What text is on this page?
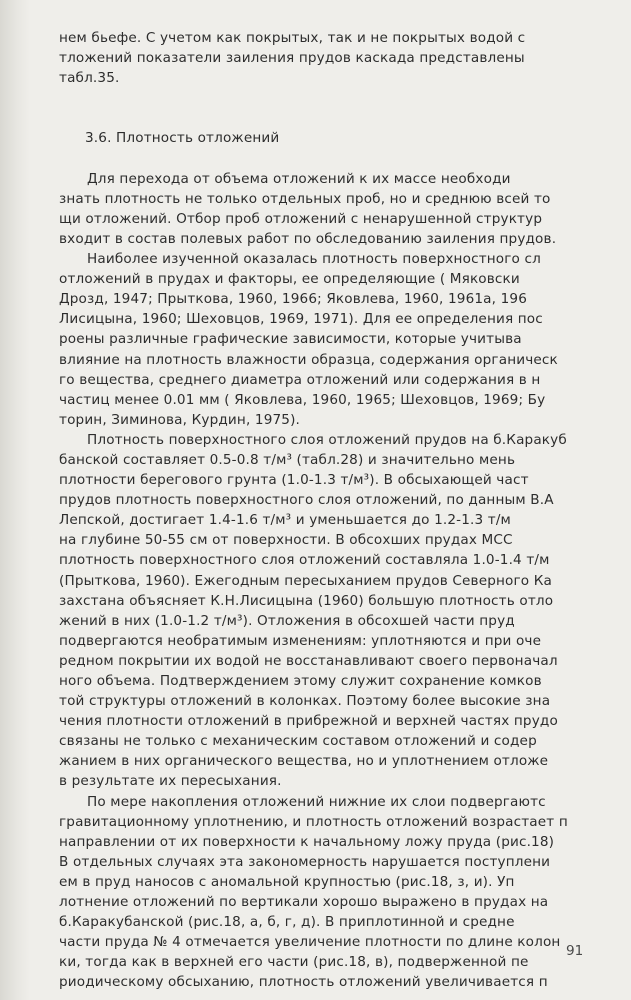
нем бьефе. С учетом как покрытых, так и не покрытых водой с
тложений показатели заиления прудов каскада представлены
табл.35.
3.6. Плотность отложений
Для перехода от объема отложений к их массе необходи
знать плотность не только отдельных проб, но и среднюю всей то
щи отложений. Отбор проб отложений с ненарушенной структур
входит в состав полевых работ по обследованию заиления прудов.
Наиболее изученной оказалась плотность поверхностного сл
отложений в прудах и факторы, ее определяющие ( Мяковски
Дрозд, 1947; Прыткова, 1960, 1966; Яковлева, 1960, 1961а, 196
Лисицына, 1960; Шеховцов, 1969, 1971). Для ее определения пос
роены различные графические зависимости, которые учитыва
влияние на плотность влажности образца, содержания органическ
го вещества, среднего диаметра отложений или содержания в н
частиц менее 0.01 мм ( Яковлева, 1960, 1965; Шеховцов, 1969; Бу
торин, Зиминова, Курдин, 1975).
Плотность поверхностного слоя отложений прудов на б.Каракуб
банской составляет 0.5-0.8 т/м³ (табл.28) и значительно мень
плотности берегового грунта (1.0-1.3 т/м³). В обсыхающей част
прудов плотность поверхностного слоя отложений, по данным В.А
Лепской, достигает 1.4-1.6 т/м³ и уменьшается до 1.2-1.3 т/м
на глубине 50-55 см от поверхности. В обсохших прудах МСС
плотность поверхностного слоя отложений составляла 1.0-1.4 т/м
(Прыткова, 1960). Ежегодным пересыханием прудов Северного Ка
захстана объясняет К.Н.Лисицына (1960) большую плотность отло
жений в них (1.0-1.2 т/м³). Отложения в обсохшей части пруд
подвергаются необратимым изменениям: уплотняются и при оче
редном покрытии их водой не восстанавливают своего первоначал
ного объема. Подтверждением этому служит сохранение комков
той структуры отложений в колонках. Поэтому более высокие зна
чения плотности отложений в прибрежной и верхней частях прудо
связаны не только с механическим составом отложений и содер
жанием в них органического вещества, но и уплотнением отложе
в результате их пересыхания.
По мере накопления отложений нижние их слои подвергаютс
гравитационному уплотнению, и плотность отложений возрастает п
направлении от их поверхности к начальному ложу пруда (рис.18)
В отдельных случаях эта закономерность нарушается поступлени
ем в пруд наносов с аномальной крупностью (рис.18, з, и). Уп
лотнение отложений по вертикали хорошо выражено в прудах на
б.Каракубанской (рис.18, а, б, г, д). В приплотинной и средне
части пруда № 4 отмечается увеличение плотности по длине колон
ки, тогда как в верхней его части (рис.18, в), подверженной пе
риодическому обсыханию, плотность отложений увеличивается п
91
